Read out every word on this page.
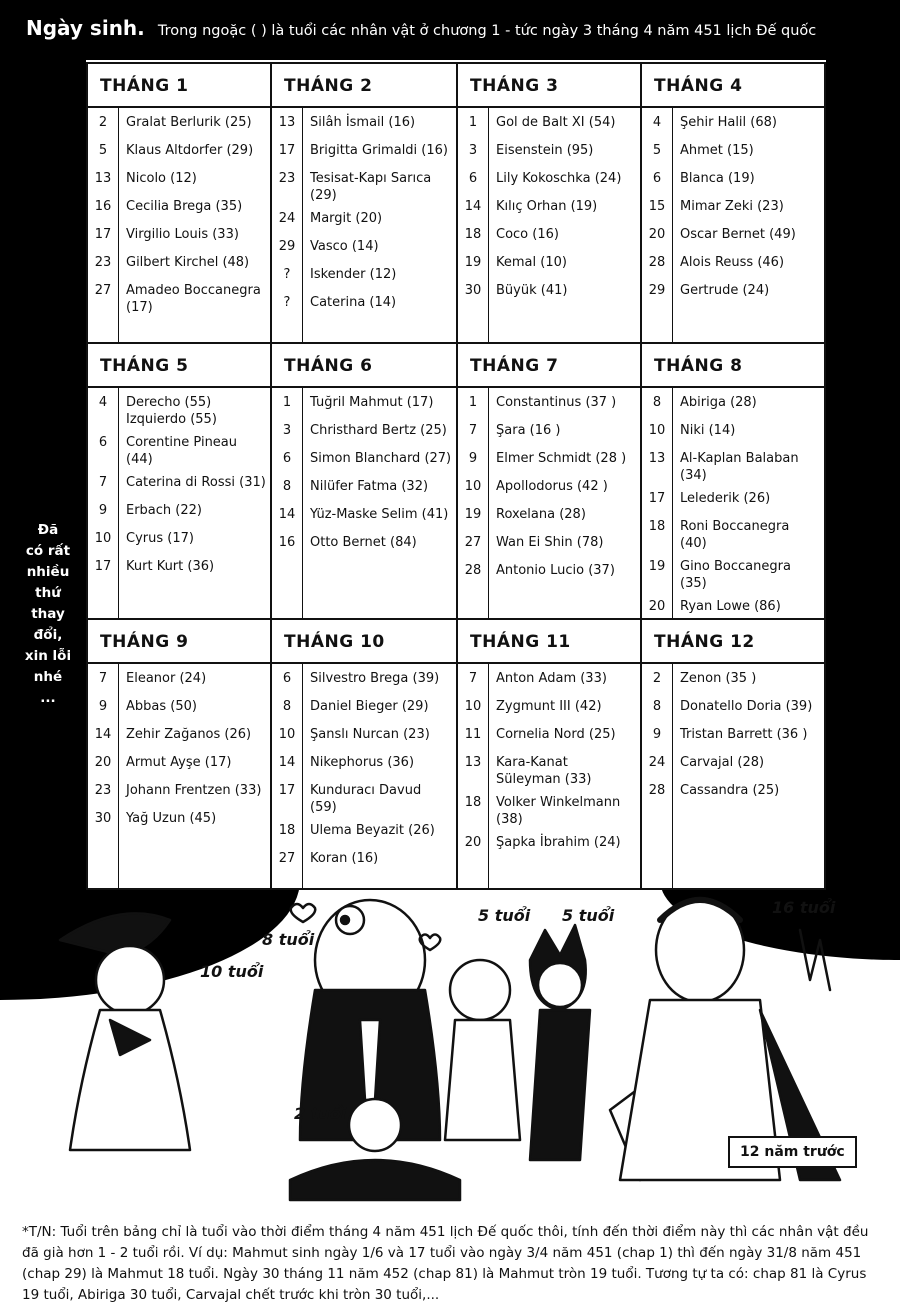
Ngày sinh. Trong ngoặc ( ) là tuổi các nhân vật ở chương 1 - tức ngày 3 tháng 4 năm 451 lịch Đế quốc
Đã
có rất
nhiều
thứ
thay
đổi,
xin lỗi
nhé
...
THÁNG 1
2	Gralat Berlurik (25)
5	Klaus Altdorfer (29)
13	Nicolo (12)
16	Cecilia Brega (35)
17	Virgilio Louis (33)
23	Gilbert Kirchel (48)
27	Amadeo Boccanegra (17)
THÁNG 2
13	Silâh İsmail (16)
17	Brigitta Grimaldi (16)
23	Tesisat-Kapı Sarıca (29)
24	Margit (20)
29	Vasco (14)
?	Iskender (12)
?	Caterina (14)
THÁNG 3
1	Gol de Balt XI (54)
3	Eisenstein (95)
6	Lily Kokoschka (24)
14	Kılıç Orhan (19)
18	Coco (16)
19	Kemal (10)
30	Büyük (41)
THÁNG 4
4	Şehir Halil (68)
5	Ahmet (15)
6	Blanca (19)
15	Mimar Zeki (23)
20	Oscar Bernet (49)
28	Alois Reuss (46)
29	Gertrude (24)
THÁNG 5
4	Derecho (55) Izquierdo (55)
6	Corentine Pineau (44)
7	Caterina di Rossi (31)
9	Erbach (22)
10	Cyrus (17)
17	Kurt Kurt (36)
THÁNG 6
1	Tuğril Mahmut (17)
3	Christhard Bertz (25)
6	Simon Blanchard (27)
8	Nilüfer Fatma (32)
14	Yüz-Maske Selim (41)
16	Otto Bernet (84)
THÁNG 7
1	Constantinus (37 )
7	Şara (16 )
9	Elmer Schmidt (28 )
10	Apollodorus (42 )
19	Roxelana (28)
27	Wan Ei Shin (78)
28	Antonio Lucio (37)
THÁNG 8
8	Abiriga (28)
10	Niki (14)
13	Al-Kaplan Balaban (34)
17	Lelederik (26)
18	Roni Boccanegra (40)
19	Gino Boccanegra (35)
20	Ryan Lowe (86)
THÁNG 9
7	Eleanor (24)
9	Abbas (50)
14	Zehir Zağanos (26)
20	Armut Ayşe (17)
23	Johann Frentzen (33)
30	Yağ Uzun (45)
THÁNG 10
6	Silvestro Brega (39)
8	Daniel Bieger (29)
10	Şanslı Nurcan (23)
14	Nikephorus (36)
17	Kunduracı Davud (59)
18	Ulema Beyazit (26)
27	Koran (16)
THÁNG 11
7	Anton Adam (33)
10	Zygmunt III (42)
11	Cornelia Nord (25)
13	Kara-Kanat Süleyman (33)
18	Volker Winkelmann (38)
20	Şapka İbrahim (24)
THÁNG 12
2	Zenon (35 )
8	Donatello Doria (39)
9	Tristan Barrett (36 )
24	Carvajal (28)
28	Cassandra (25)
10 tuổi
8 tuổi
5 tuổi 5 tuổi	16 tuổi
2 tuổi
12 năm trước
*T/N: Tuổi trên bảng chỉ là tuổi vào thời điểm tháng 4 năm 451 lịch Đế quốc thôi, tính đến thời điểm này thì các nhân vật đều đã già hơn 1 - 2 tuổi rồi. Ví dụ: Mahmut sinh ngày 1/6 và 17 tuổi vào ngày 3/4 năm 451 (chap 1) thì đến ngày 31/8 năm 451 (chap 29) là Mahmut 18 tuổi. Ngày 30 tháng 11 năm 452 (chap 81) là Mahmut tròn 19 tuổi. Tương tự ta có: chap 81 là Cyrus 19 tuổi, Abiriga 30 tuổi, Carvajal chết trước khi tròn 30 tuổi,...
